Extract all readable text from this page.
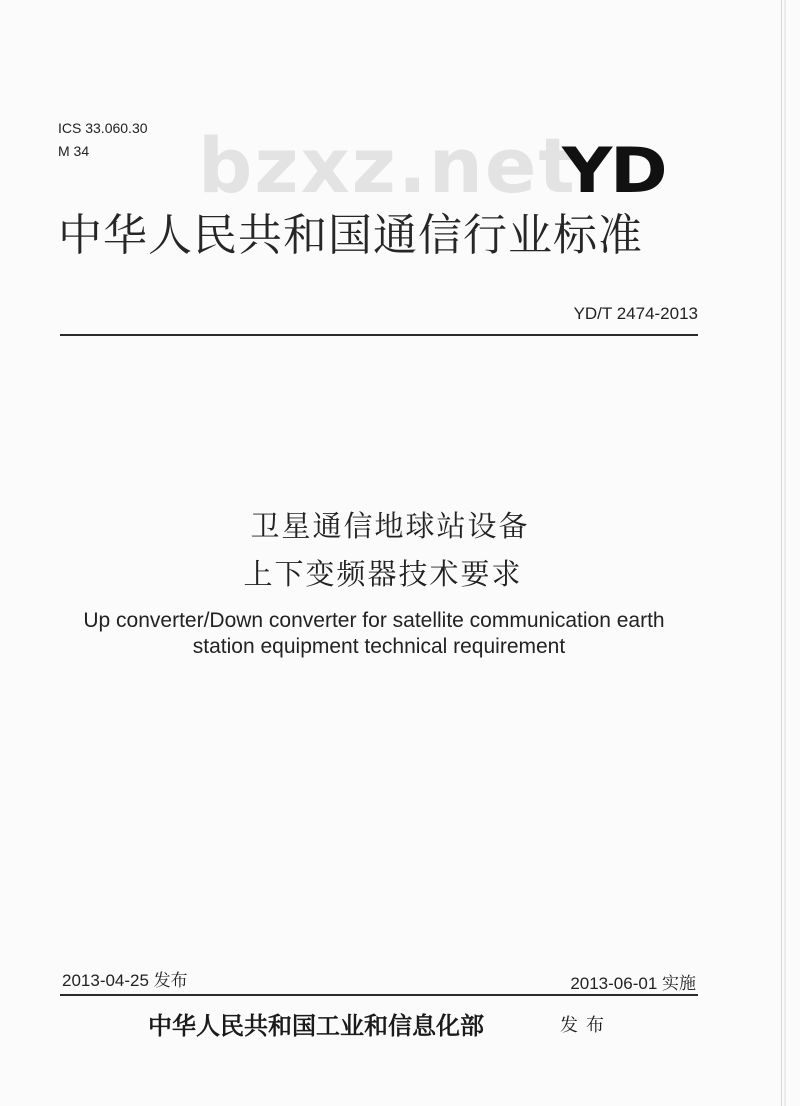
ICS 33.060.30
M 34 bzxz.net
YD
中华人民共和国通信行业标准
YD/T 2474-2013
卫星通信地球站设备
上下变频器技术要求
Up converter/Down converter for satellite communication earth
station equipment technical requirement
2013-04-25 发布	2013-06-01 实施
中华人民共和国工业和信息化部	发布
